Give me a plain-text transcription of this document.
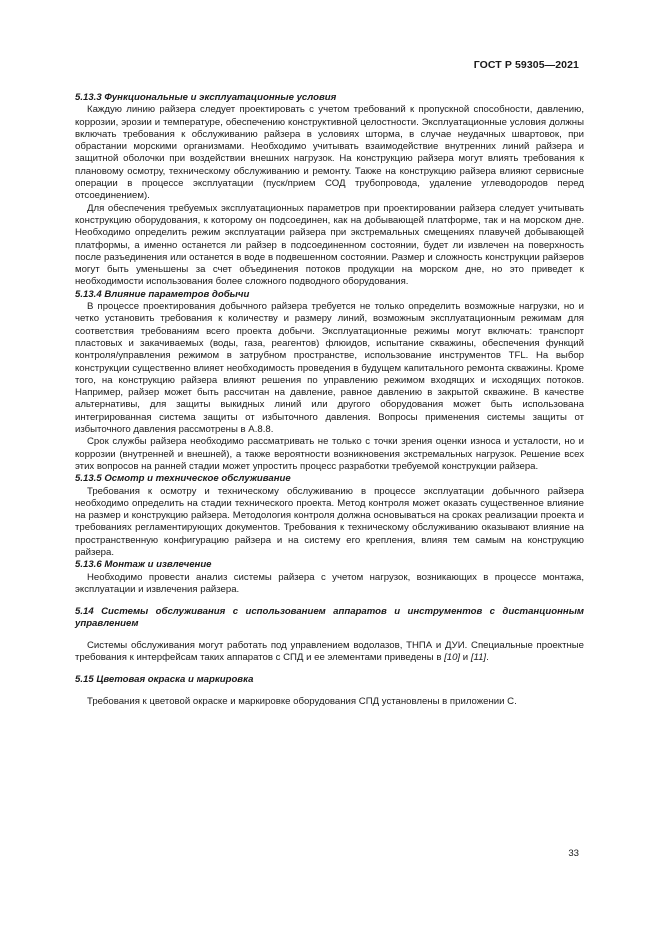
ГОСТ Р 59305—2021

5.13.3 Функциональные и эксплуатационные условия

Каждую линию райзера следует проектировать с учетом требований к пропускной способности, давлению, коррозии, эрозии и температуре, обеспечению конструктивной целостности. Эксплуатационные условия должны включать требования к обслуживанию райзера в условиях шторма, в случае неудачных швартовок, при обрастании морскими организмами. Необходимо учитывать взаимодействие внутренних линий райзера и защитной оболочки при воздействии внешних нагрузок. На конструкцию райзера могут влиять требования к плановому осмотру, техническому обслуживанию и ремонту. Также на конструкцию райзера влияют сервисные операции в процессе эксплуатации (пуск/прием СОД трубопровода, удаление углеводородов перед отсоединением).

Для обеспечения требуемых эксплуатационных параметров при проектировании райзера следует учитывать конструкцию оборудования, к которому он подсоединен, как на добывающей платформе, так и на морском дне. Необходимо определить режим эксплуатации райзера при экстремальных смещениях плавучей добывающей платформы, а именно останется ли райзер в подсоединенном состоянии, будет ли извлечен на поверхность после разъединения или останется в воде в подвешенном состоянии. Размер и сложность конструкции райзеров могут быть уменьшены за счет объединения потоков продукции на морском дне, но это приведет к необходимости использования более сложного подводного оборудования.

5.13.4 Влияние параметров добычи

В процессе проектирования добычного райзера требуется не только определить возможные нагрузки, но и четко установить требования к количеству и размеру линий, возможным эксплуатационным режимам для соответствия требованиям всего проекта добычи. Эксплуатационные режимы могут включать: транспорт пластовых и закачиваемых (воды, газа, реагентов) флюидов, испытание скважины, обеспечения функций контроля/управления режимом в затрубном пространстве, использование инструментов TFL. На выбор конструкции существенно влияет необходимость проведения в будущем капитального ремонта скважины. Кроме того, на конструкцию райзера влияют решения по управлению режимом входящих и исходящих потоков. Например, райзер может быть рассчитан на давление, равное давлению в закрытой скважине. В качестве альтернативы, для защиты выкидных линий или другого оборудования может быть использована интегрированная система защиты от избыточного давления. Вопросы применения системы защиты от избыточного давления рассмотрены в А.8.8.

Срок службы райзера необходимо рассматривать не только с точки зрения оценки износа и усталости, но и коррозии (внутренней и внешней), а также вероятности возникновения экстремальных нагрузок. Решение всех этих вопросов на ранней стадии может упростить процесс разработки требуемой конструкции райзера.

5.13.5 Осмотр и техническое обслуживание

Требования к осмотру и техническому обслуживанию в процессе эксплуатации добычного райзера необходимо определить на стадии технического проекта. Метод контроля может оказать существенное влияние на размер и конструкцию райзера. Методология контроля должна основываться на сроках реализации проекта и требованиях регламентирующих документов. Требования к техническому обслуживанию оказывают влияние на пространственную конфигурацию райзера и на систему его крепления, влияя тем самым на конструкцию райзера.

5.13.6 Монтаж и извлечение

Необходимо провести анализ системы райзера с учетом нагрузок, возникающих в процессе монтажа, эксплуатации и извлечения райзера.

5.14 Системы обслуживания с использованием аппаратов и инструментов с дистанционным управлением

Системы обслуживания могут работать под управлением водолазов, ТНПА и ДУИ. Специальные проектные требования к интерфейсам таких аппаратов с СПД и ее элементами приведены в [10] и [11].

5.15 Цветовая окраска и маркировка

Требования к цветовой окраске и маркировке оборудования СПД установлены в приложении С.

33
